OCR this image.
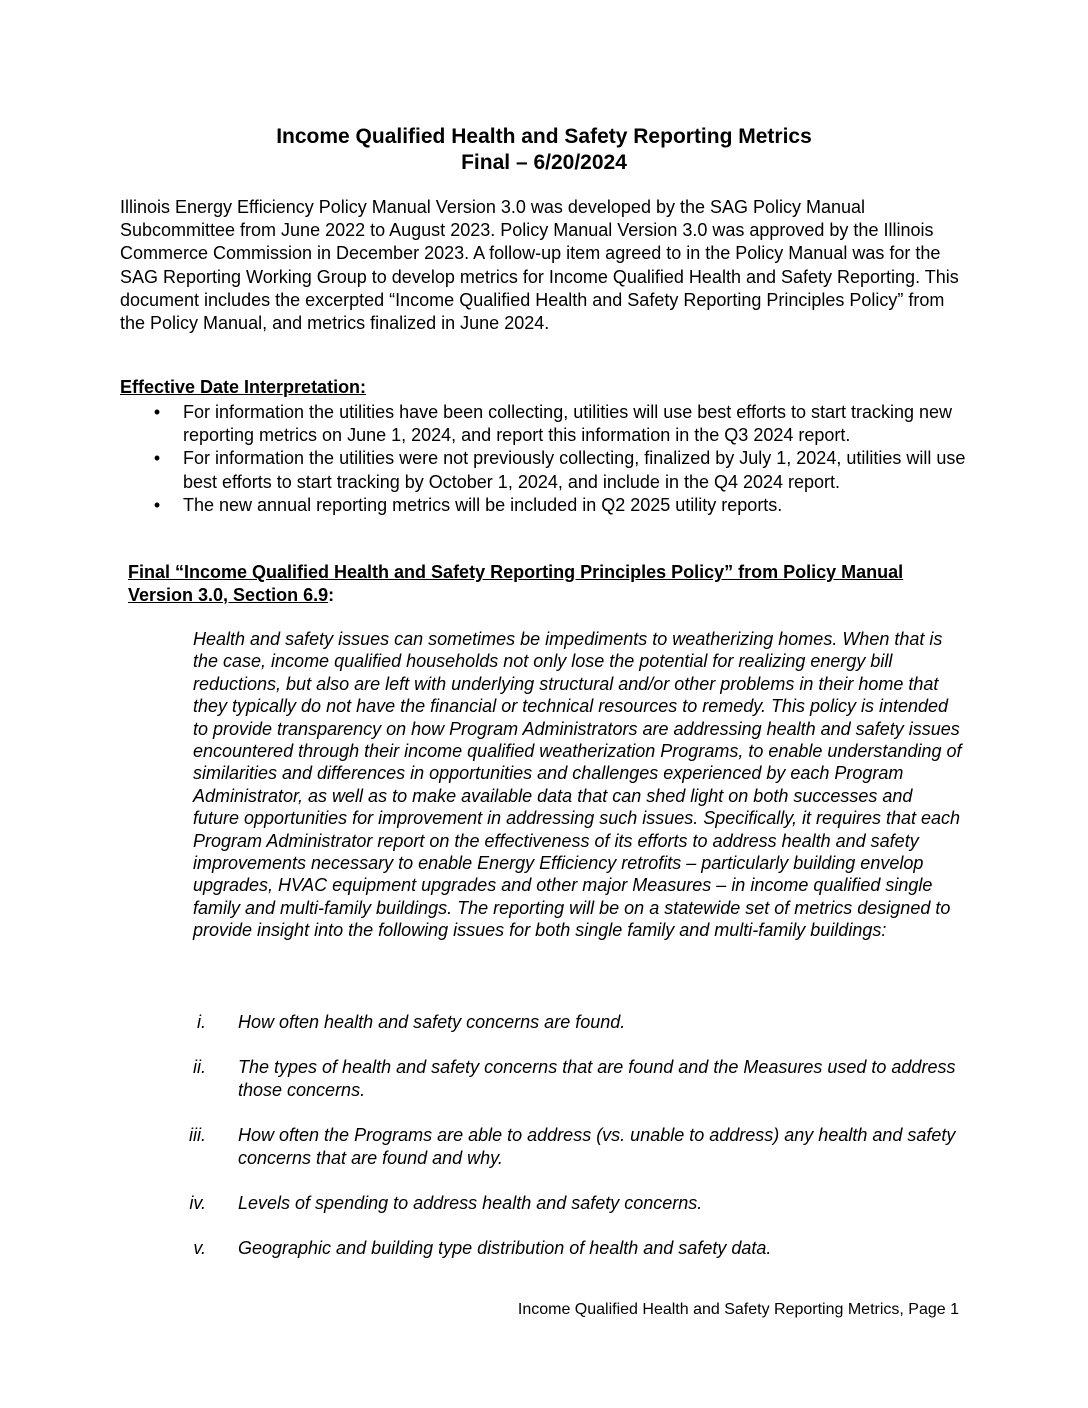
Income Qualified Health and Safety Reporting Metrics
Final – 6/20/2024

Illinois Energy Efficiency Policy Manual Version 3.0 was developed by the SAG Policy Manual Subcommittee from June 2022 to August 2023. Policy Manual Version 3.0 was approved by the Illinois Commerce Commission in December 2023. A follow-up item agreed to in the Policy Manual was for the SAG Reporting Working Group to develop metrics for Income Qualified Health and Safety Reporting. This document includes the excerpted “Income Qualified Health and Safety Reporting Principles Policy” from the Policy Manual, and metrics finalized in June 2024.

Effective Date Interpretation:
• For information the utilities have been collecting, utilities will use best efforts to start tracking new reporting metrics on June 1, 2024, and report this information in the Q3 2024 report.
• For information the utilities were not previously collecting, finalized by July 1, 2024, utilities will use best efforts to start tracking by October 1, 2024, and include in the Q4 2024 report.
• The new annual reporting metrics will be included in Q2 2025 utility reports.
Final “Income Qualified Health and Safety Reporting Principles Policy” from Policy Manual Version 3.0, Section 6.9:

Health and safety issues can sometimes be impediments to weatherizing homes. When that is the case, income qualified households not only lose the potential for realizing energy bill reductions, but also are left with underlying structural and/or other problems in their home that they typically do not have the financial or technical resources to remedy. This policy is intended to provide transparency on how Program Administrators are addressing health and safety issues encountered through their income qualified weatherization Programs, to enable understanding of similarities and differences in opportunities and challenges experienced by each Program Administrator, as well as to make available data that can shed light on both successes and future opportunities for improvement in addressing such issues. Specifically, it requires that each Program Administrator report on the effectiveness of its efforts to address health and safety improvements necessary to enable Energy Efficiency retrofits – particularly building envelop upgrades, HVAC equipment upgrades and other major Measures – in income qualified single family and multi-family buildings. The reporting will be on a statewide set of metrics designed to provide insight into the following issues for both single family and multi-family buildings:

i. How often health and safety concerns are found.
ii. The types of health and safety concerns that are found and the Measures used to address those concerns.
iii. How often the Programs are able to address (vs. unable to address) any health and safety concerns that are found and why.
iv. Levels of spending to address health and safety concerns.
v. Geographic and building type distribution of health and safety data.
Income Qualified Health and Safety Reporting Metrics, Page 1
